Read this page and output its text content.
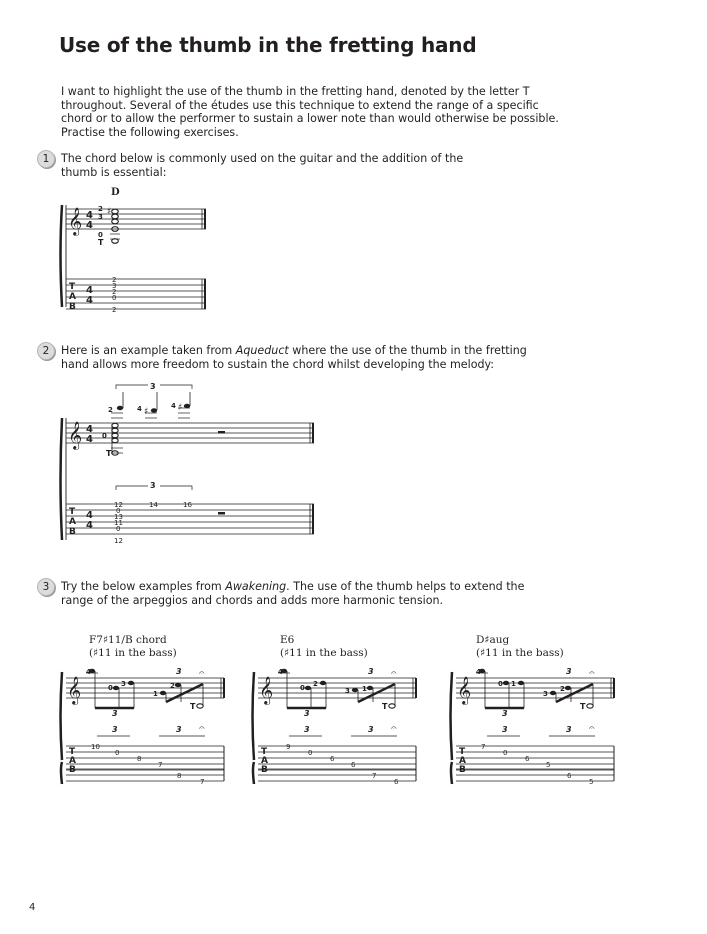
Use of the thumb in the fretting hand

I want to highlight the use of the thumb in the fretting hand, denoted by the letter T
throughout. Several of the études use this technique to extend the range of a specific
chord or to allow the performer to sustain a lower note than would otherwise be possible.
Practise the following exercises.

1	The chord below is commonly used on the guitar and the addition of the
thumb is essential:

D
𝄞 4
4
♯
2
3
0
T
T
A
B
4
4
2
3
2
0
2
2	Here is an example taken from Aqueduct where the use of the thumb in the fretting
hand allows more freedom to sustain the chord whilst developing the melody:

3
𝄞 4
4
2	4	4
♯	♯
0
T
3
T
A
B
4
4
12
0
13
11
0
12
14	16
3	Try the below examples from Awakening. The use of the thumb helps to extend the
range of the arpeggios and chords and adds more harmonic tension.

F7♯11/B chord
(♯11 in the bass)
E6
(♯11 in the bass)
D♯aug
(♯11 in the bass)
𝄞
4
0 3
1
2
T
3
3 𝄐
3	3 𝄐
T
A
B
10
0
8
7
𝄞
4
0 2
3 1
T
3
3 𝄐
3	3 𝄐
T
A
B
9
0
6
6
𝄞
4
0 1
3
2
T
3
3 𝄐
3	3 𝄐
T
A
B
7
0
6
5
8
7
7
6
6
5
4
